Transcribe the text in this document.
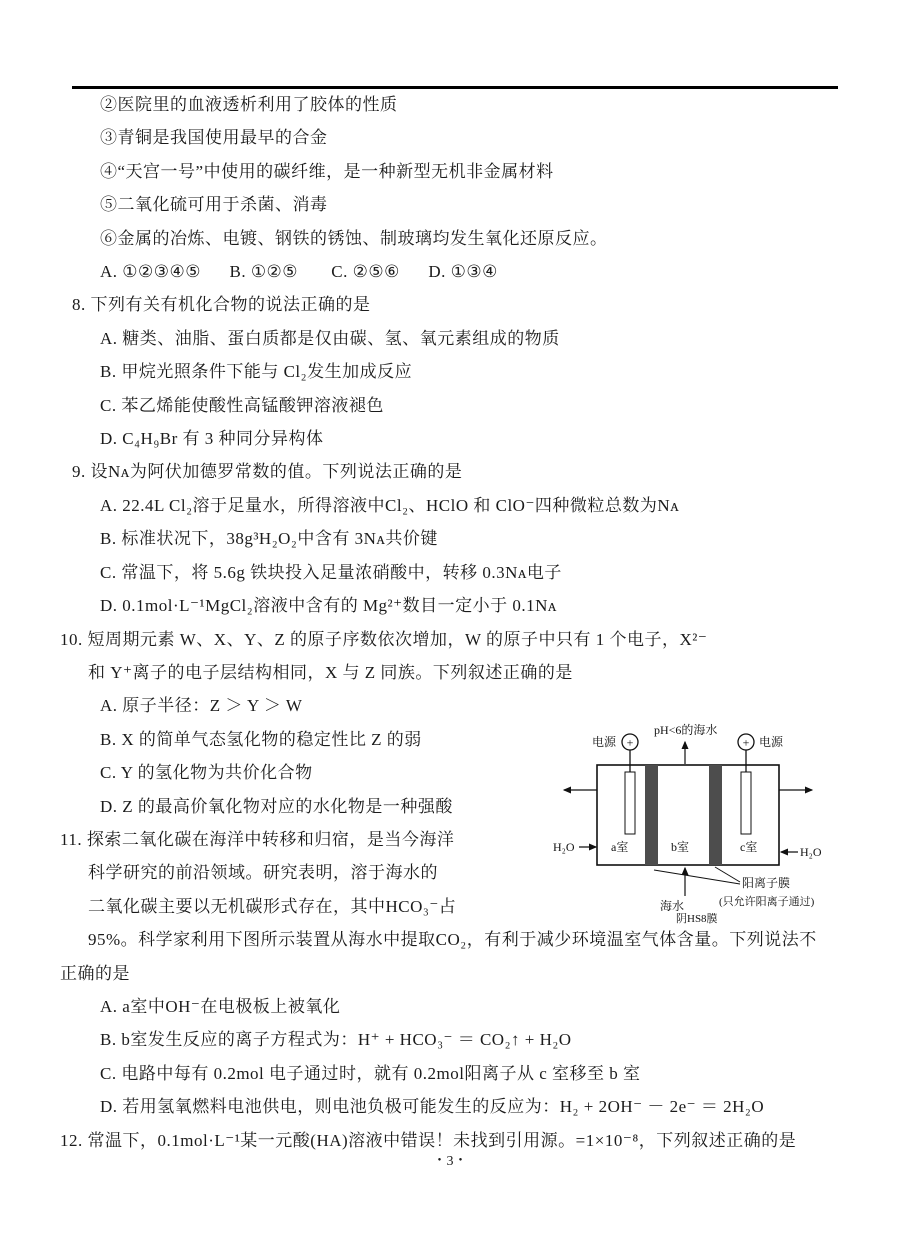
②医院里的血液透析利用了胶体的性质
③青铜是我国使用最早的合金
④“天宫一号”中使用的碳纤维，是一种新型无机非金属材料
⑤二氧化硫可用于杀菌、消毒
⑥金属的冶炼、电镀、钢铁的锈蚀、制玻璃均发生氧化还原反应。
A. ①②③④⑤      B. ①②⑤       C. ②⑤⑥      D. ①③④
8. 下列有关有机化合物的说法正确的是
A. 糖类、油脂、蛋白质都是仅由碳、氢、氧元素组成的物质
B. 甲烷光照条件下能与 Cl₂发生加成反应
C. 苯乙烯能使酸性高锰酸钾溶液褪色
D. C₄H₉Br 有 3 种同分异构体
9. 设Nᴀ为阿伏加德罗常数的值。下列说法正确的是
A. 22.4L Cl₂溶于足量水，所得溶液中Cl₂、HClO 和 ClO⁻四种微粒总数为Nᴀ
B. 标准状况下，38g³H₂O₂中含有 3Nᴀ共价键
C. 常温下，将 5.6g 铁块投入足量浓硝酸中，转移 0.3Nᴀ电子
D. 0.1mol·L⁻¹MgCl₂溶液中含有的 Mg²⁺数目一定小于 0.1Nᴀ
10. 短周期元素 W、X、Y、Z 的原子序数依次增加，W 的原子中只有 1 个电子，X²⁻
和 Y⁺离子的电子层结构相同，X 与 Z 同族。下列叙述正确的是
A. 原子半径：Z ＞ Y ＞ W
B. X 的简单气态氢化物的稳定性比 Z 的弱
C. Y 的氢化物为共价化合物
D. Z 的最高价氧化物对应的水化物是一种强酸
11. 探索二氧化碳在海洋中转移和归宿，是当今海洋
科学研究的前沿领域。研究表明，溶于海水的
二氧化碳主要以无机碳形式存在，其中HCO₃⁻占
95%。科学家利用下图所示装置从海水中提取CO₂，有利于减少环境温室气体含量。下列说法不
正确的是
A. a室中OH⁻在电极板上被氧化
B. b室发生反应的离子方程式为：H⁺ + HCO₃⁻ ＝ CO₂↑ + H₂O
C. 电路中每有 0.2mol 电子通过时，就有 0.2mol阳离子从 c 室移至 b 室
D. 若用氢氧燃料电池供电，则电池负极可能发生的反应为：H₂ + 2OH⁻ － 2e⁻ ＝ 2H₂O
12. 常温下，0.1mol·L⁻¹某一元酸(HA)溶液中错误！未找到引用源。=1×10⁻⁸，下列叙述正确的是
+	+
电源	电源
pH<6的海水
H₂O	H₂O
a室	b室	c室
海水
阳离子膜
(只允许阳离子通过)
阴HS8膜
・3・
